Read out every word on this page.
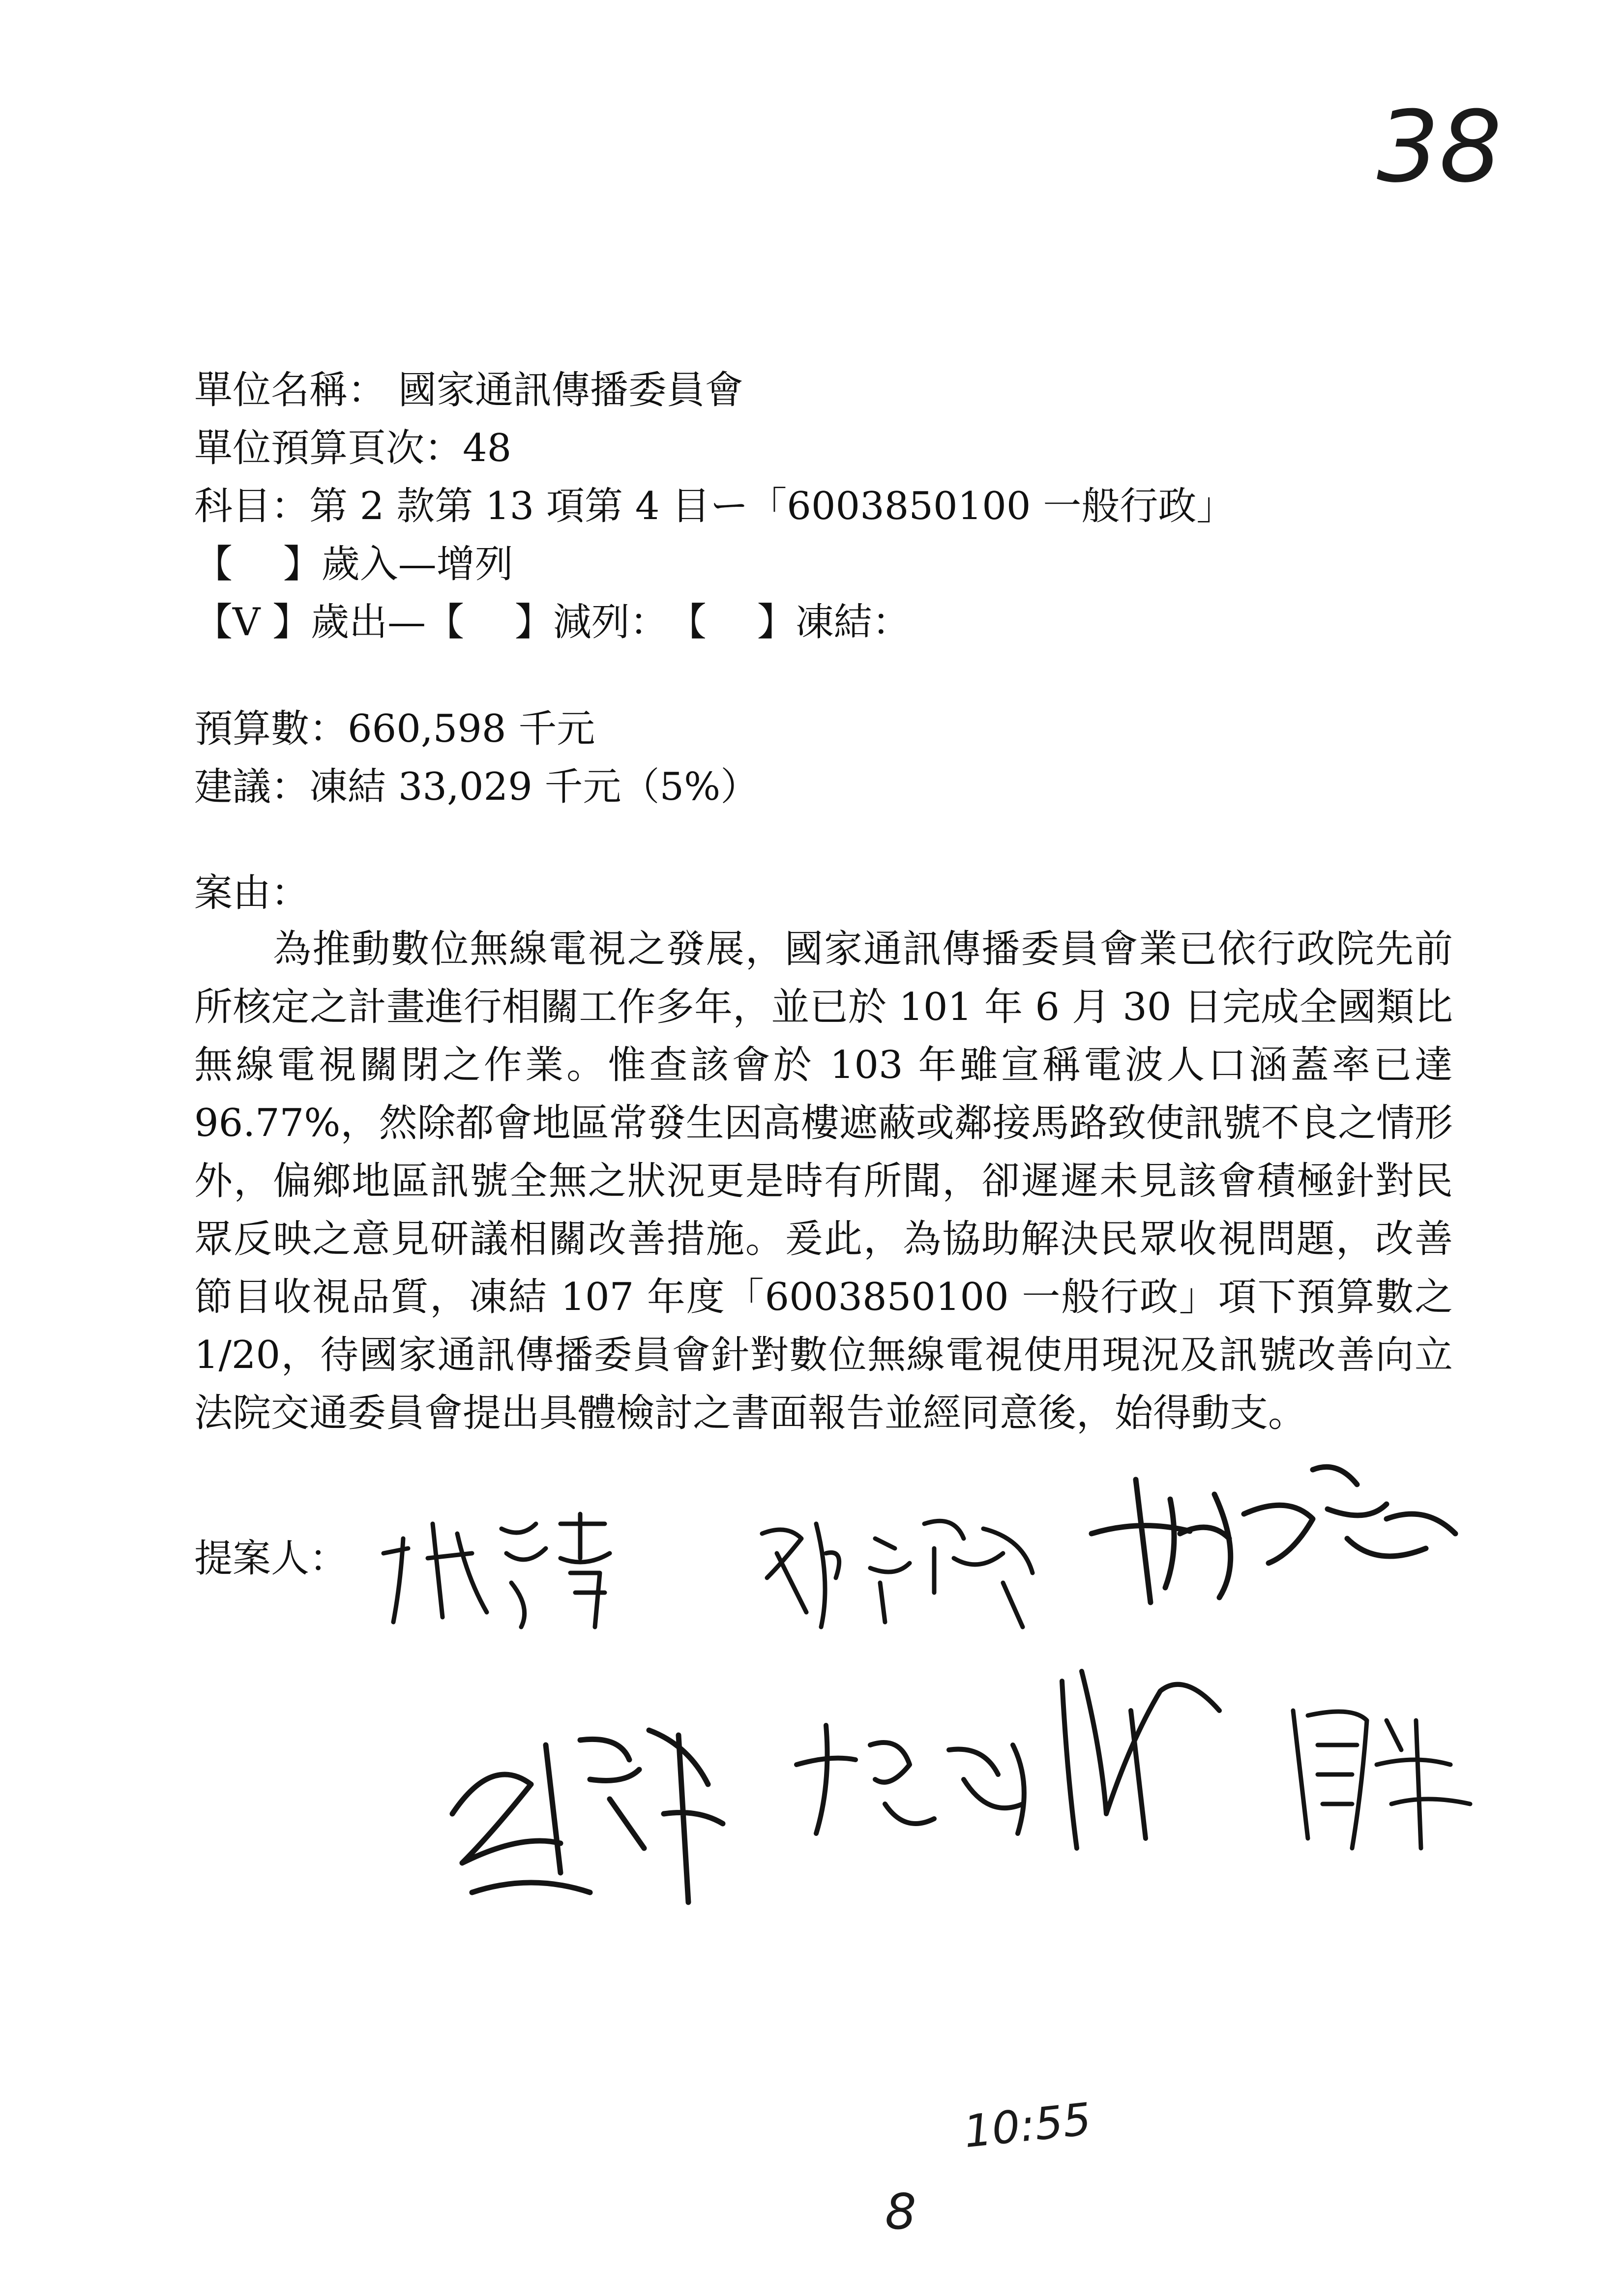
38
單位名稱： 國家通訊傳播委員會
單位預算頁次：48
科目：第 2 款第 13 項第 4 目ー「6003850100 一般行政」
【　 】歲入—增列
【V 】歲出—【　 】減列：　【　 】凍結：
預算數：660,598 千元
建議：凍結 33,029 千元（5%）
案由：
為推動數位無線電視之發展，國家通訊傳播委員會業已依行政院先前所核定之計畫進行相關工作多年，並已於 101 年 6 月 30 日完成全國類比無線電視關閉之作業。惟查該會於 103 年雖宣稱電波人口涵蓋率已達 96.77%，然除都會地區常發生因高樓遮蔽或鄰接馬路致使訊號不良之情形外，偏鄉地區訊號全無之狀況更是時有所聞，卻遲遲未見該會積極針對民眾反映之意見研議相關改善措施。爰此，為協助解決民眾收視問題，改善節目收視品質，凍結 107 年度「6003850100 一般行政」項下預算數之 1/20，待國家通訊傳播委員會針對數位無線電視使用現況及訊號改善向立法院交通委員會提出具體檢討之書面報告並經同意後，始得動支。
提案人：
10:55
8
